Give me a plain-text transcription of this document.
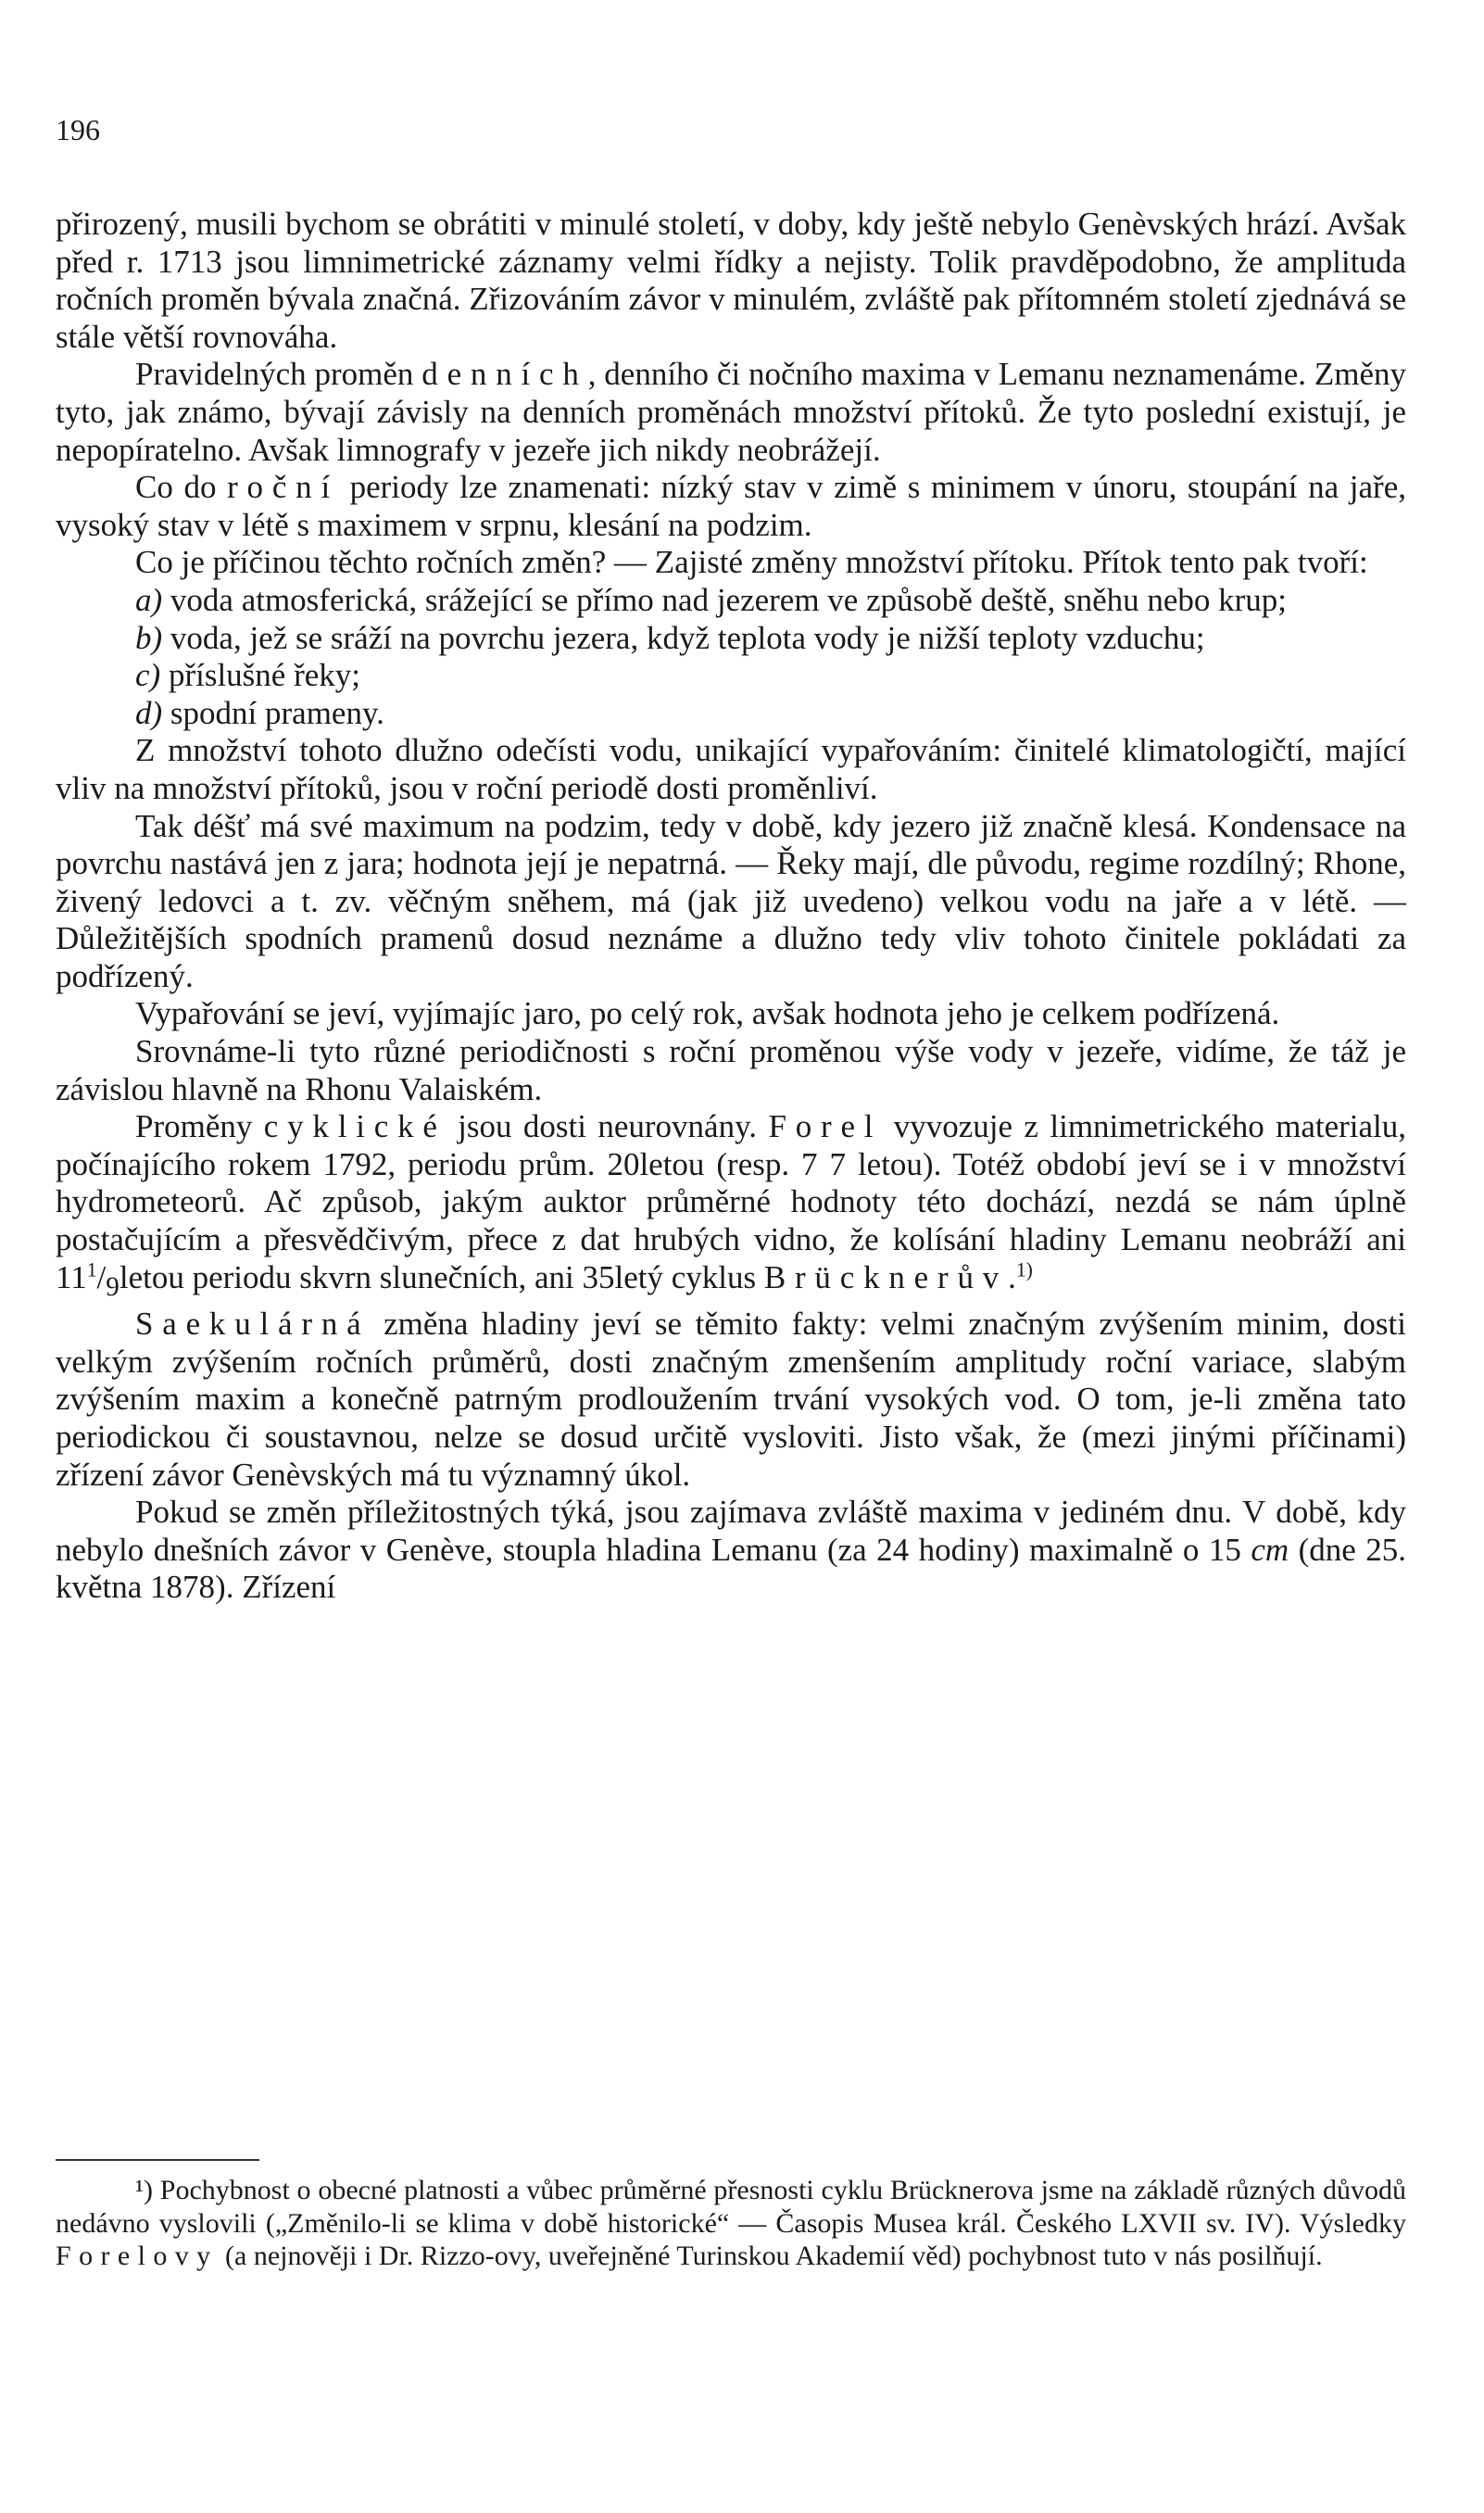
196

přirozený, musili bychom se obrátiti v minulé století, v doby, kdy ještě nebylo Genèvských hrází. Avšak před r. 1713 jsou limnimetrické záznamy velmi řídky a nejisty. Tolik pravděpodobno, že amplituda ročních proměn bývala značná. Zřizováním závor v minulém, zvláště pak přítomném století zjednává se stále větší rovnováha.

Pravidelných proměn denních, denního či nočního maxima v Lemanu neznamenáme. Změny tyto, jak známo, bývají závisly na denních proměnách množství přítoků. Že tyto poslední existují, je nepopíratelno. Avšak limnografy v jezeře jich nikdy neobrážejí.

Co do roční periody lze znamenati: nízký stav v zimě s minimem v únoru, stoupání na jaře, vysoký stav v létě s maximem v srpnu, klesání na podzim.

Co je příčinou těchto ročních změn? — Zajisté změny množství přítoku. Přítok tento pak tvoří:

a) voda atmosferická, srážející se přímo nad jezerem ve způsobě deště, sněhu nebo krup;

b) voda, jež se sráží na povrchu jezera, když teplota vody je nižší teploty vzduchu;

c) příslušné řeky;

d) spodní prameny.

Z množství tohoto dlužno odečísti vodu, unikající vypařováním: činitelé klimatologičtí, mající vliv na množství přítoků, jsou v roční periodě dosti proměnliví.

Tak déšť má své maximum na podzim, tedy v době, kdy jezero již značně klesá. Kondensace na povrchu nastává jen z jara; hodnota její je nepatrná. — Řeky mají, dle původu, regime rozdílný; Rhone, živený ledovci a t. zv. věčným sněhem, má (jak již uvedeno) velkou vodu na jaře a v létě. — Důležitějších spodních pramenů dosud neznáme a dlužno tedy vliv tohoto činitele pokládati za podřízený.

Vypařování se jeví, vyjímajíc jaro, po celý rok, avšak hodnota jeho je celkem podřízená.

Srovnáme-li tyto různé periodičnosti s roční proměnou výše vody v jezeře, vidíme, že táž je závislou hlavně na Rhonu Valaiském.

Proměny cyklické jsou dosti neurovnány. Forel vyvozuje z limnimetrického materialu, počínajícího rokem 1792, periodu prům. 20letou (resp. 7 7 letou). Totéž období jeví se i v množství hydrometeorů. Ač způsob, jakým auktor průměrné hodnoty této dochází, nezdá se nám úplně postačujícím a přesvědčivým, přece z dat hrubých vidno, že kolísání hladiny Lemanu neobráží ani $11^1/_9letou$ periodu skvrn slunečních, ani 35letý cyklus Brücknerův.$^{1)}$

Saekulárná změna hladiny jeví se těmito fakty: velmi značným zvýšením minim, dosti velkým zvýšením ročních průměrů, dosti značným zmenšením amplitudy roční variace, slabým zvýšením maxim a konečně patrným prodloužením trvání vysokých vod. O tom, je-li změna tato periodickou či soustavnou, nelze se dosud určitě vysloviti. Jisto však, že (mezi jinými příčinami) zřízení závor Genèvských má tu významný úkol.

Pokud se změn příležitostných týká, jsou zajímava zvláště maxima v jediném dnu. V době, kdy nebylo dnešních závor v Genève, stoupla hladina Lemanu (za 24 hodiny) maximalně o 15 cm (dne 25. května 1878). Zřízení

¹) Pochybnost o obecné platnosti a vůbec průměrné přesnosti cyklu Brücknerova jsme na základě různých důvodů nedávno vyslovili („Změnilo-li se klima v době historické“ — Časopis Musea král. Českého LXVII sv. IV). Výsledky Forelovy (a nejnověji i Dr. Rizzo-ovy, uveřejněné Turinskou Akademií věd) pochybnost tuto v nás posilňují.
